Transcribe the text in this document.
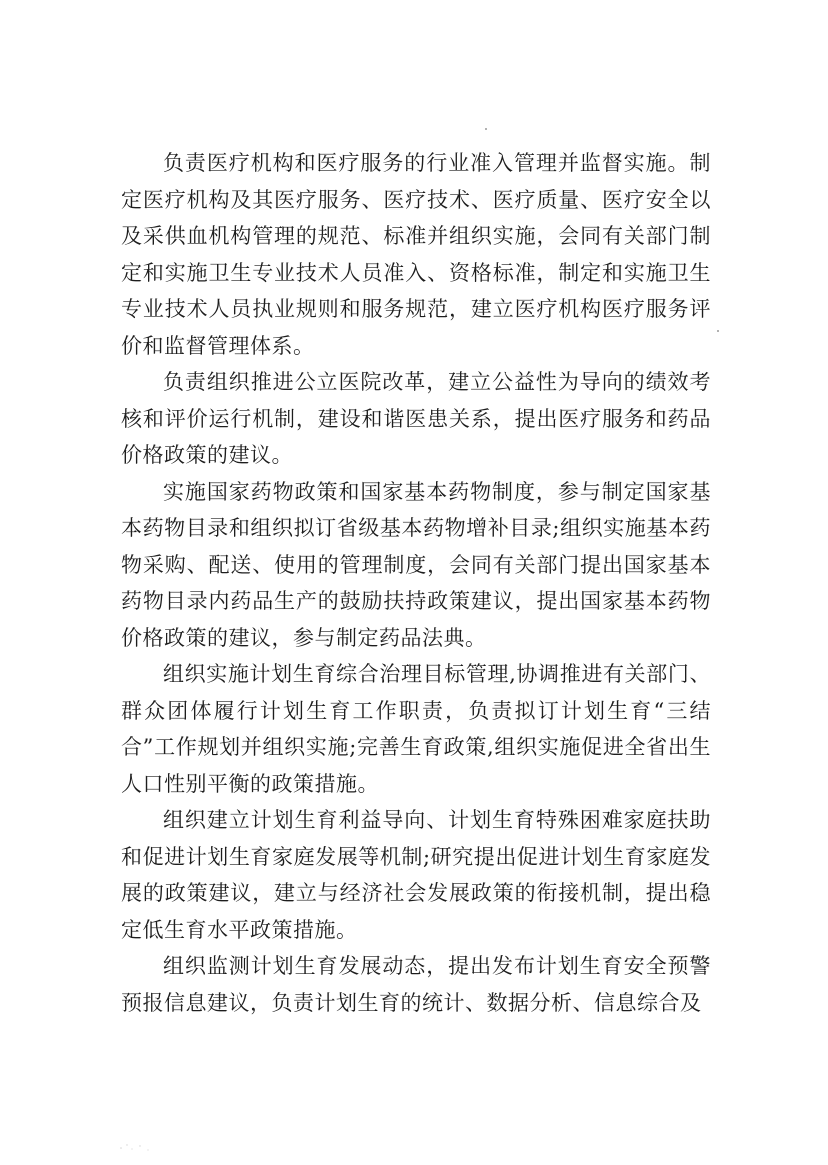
负责医疗机构和医疗服务的行业准入管理并监督实施。制定医疗机构及其医疗服务、医疗技术、医疗质量、医疗安全以及采供血机构管理的规范、标准并组织实施，会同有关部门制定和实施卫生专业技术人员准入、资格标准，制定和实施卫生专业技术人员执业规则和服务规范，建立医疗机构医疗服务评价和监督管理体系。

负责组织推进公立医院改革，建立公益性为导向的绩效考核和评价运行机制，建设和谐医患关系，提出医疗服务和药品价格政策的建议。

实施国家药物政策和国家基本药物制度，参与制定国家基本药物目录和组织拟订省级基本药物增补目录;组织实施基本药物采购、配送、使用的管理制度，会同有关部门提出国家基本药物目录内药品生产的鼓励扶持政策建议，提出国家基本药物价格政策的建议，参与制定药品法典。

组织实施计划生育综合治理目标管理,协调推进有关部门、群众团体履行计划生育工作职责，负责拟订计划生育“三结合”工作规划并组织实施;完善生育政策,组织实施促进全省出生人口性别平衡的政策措施。

组织建立计划生育利益导向、计划生育特殊困难家庭扶助和促进计划生育家庭发展等机制;研究提出促进计划生育家庭发展的政策建议，建立与经济社会发展政策的衔接机制，提出稳定低生育水平政策措施。

组织监测计划生育发展动态，提出发布计划生育安全预警预报信息建议，负责计划生育的统计、数据分析、信息综合及
